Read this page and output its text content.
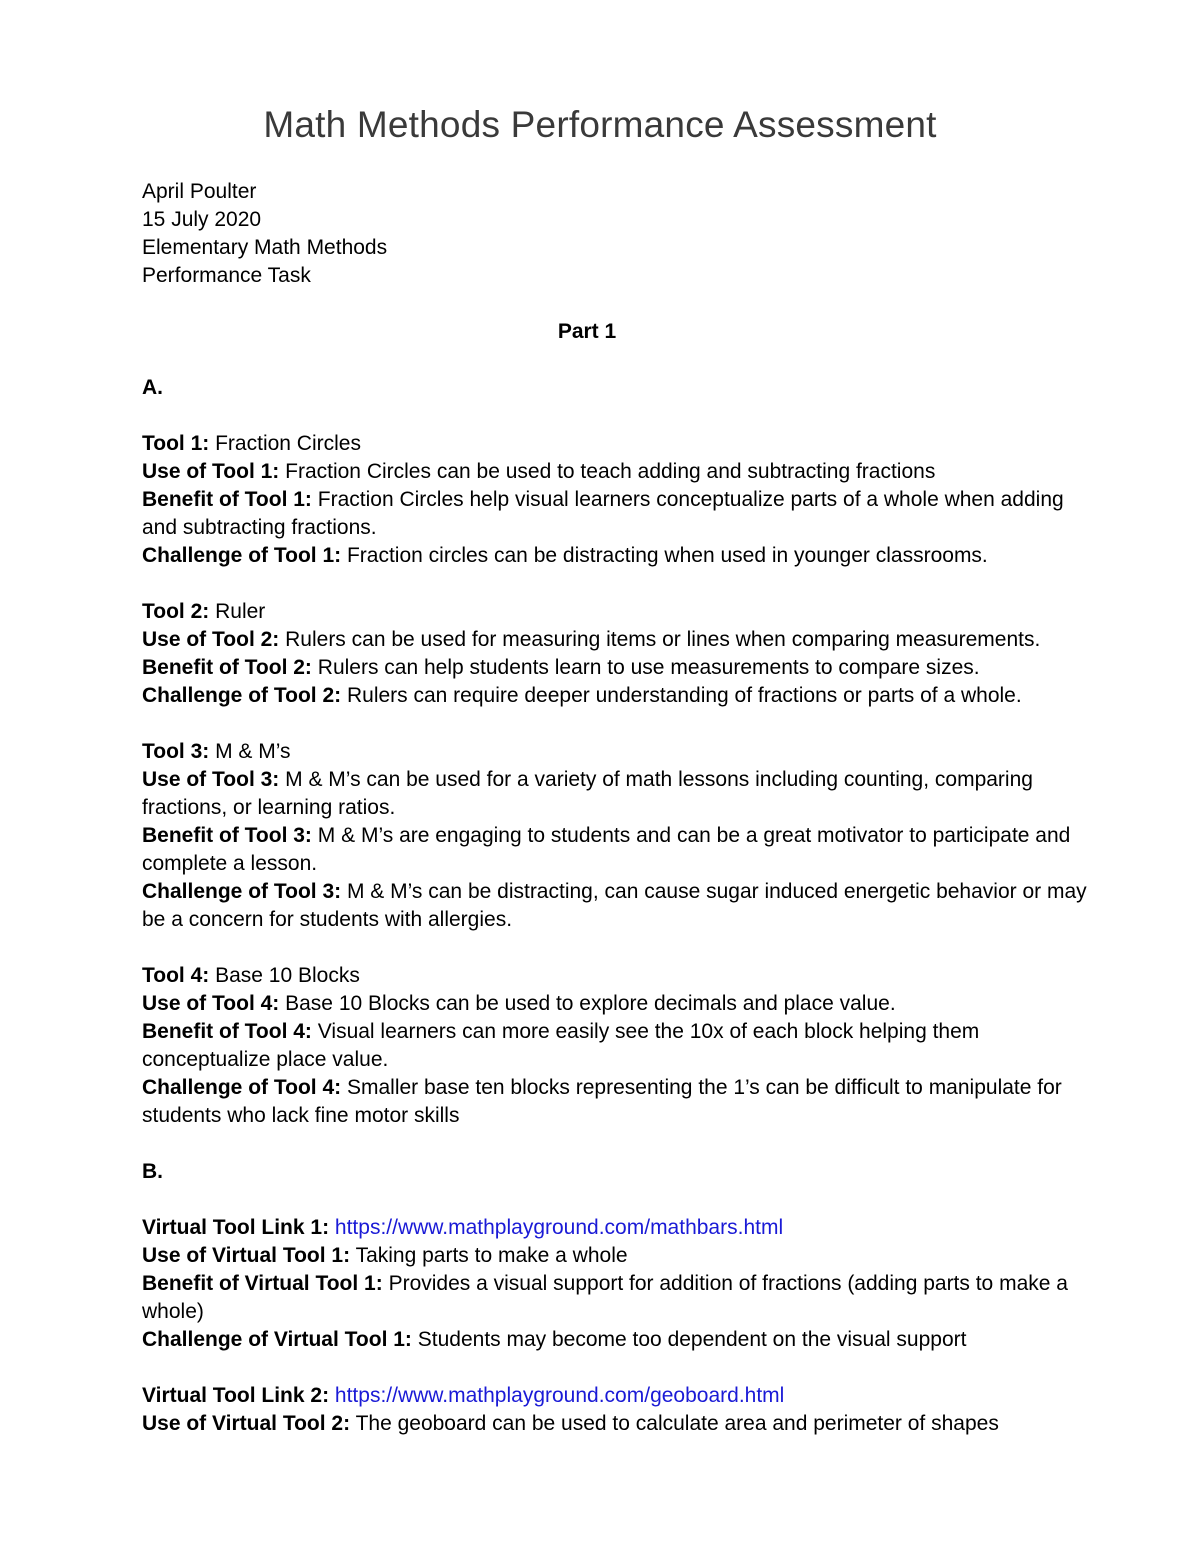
Math Methods Performance Assessment
April Poulter
15 July 2020
Elementary Math Methods
Performance Task
Part 1
A.
Tool 1: Fraction Circles
Use of Tool 1: Fraction Circles can be used to teach adding and subtracting fractions
Benefit of Tool 1: Fraction Circles help visual learners conceptualize parts of a whole when adding and subtracting fractions.
Challenge of Tool 1: Fraction circles can be distracting when used in younger classrooms.
Tool 2: Ruler
Use of Tool 2: Rulers can be used for measuring items or lines when comparing measurements.
Benefit of Tool 2: Rulers can help students learn to use measurements to compare sizes.
Challenge of Tool 2: Rulers can require deeper understanding of fractions or parts of a whole.
Tool 3: M & M’s
Use of Tool 3: M & M’s can be used for a variety of math lessons including counting, comparing fractions, or learning ratios.
Benefit of Tool 3: M & M’s are engaging to students and can be a great motivator to participate and complete a lesson.
Challenge of Tool 3: M & M’s can be distracting, can cause sugar induced energetic behavior or may be a concern for students with allergies.
Tool 4: Base 10 Blocks
Use of Tool 4: Base 10 Blocks can be used to explore decimals and place value.
Benefit of Tool 4: Visual learners can more easily see the 10x of each block helping them conceptualize place value.
Challenge of Tool 4: Smaller base ten blocks representing the 1’s can be difficult to manipulate for students who lack fine motor skills
B.
Virtual Tool Link 1: https://www.mathplayground.com/mathbars.html
Use of Virtual Tool 1: Taking parts to make a whole
Benefit of Virtual Tool 1: Provides a visual support for addition of fractions (adding parts to make a whole)
Challenge of Virtual Tool 1: Students may become too dependent on the visual support
Virtual Tool Link 2: https://www.mathplayground.com/geoboard.html
Use of Virtual Tool 2: The geoboard can be used to calculate area and perimeter of shapes
